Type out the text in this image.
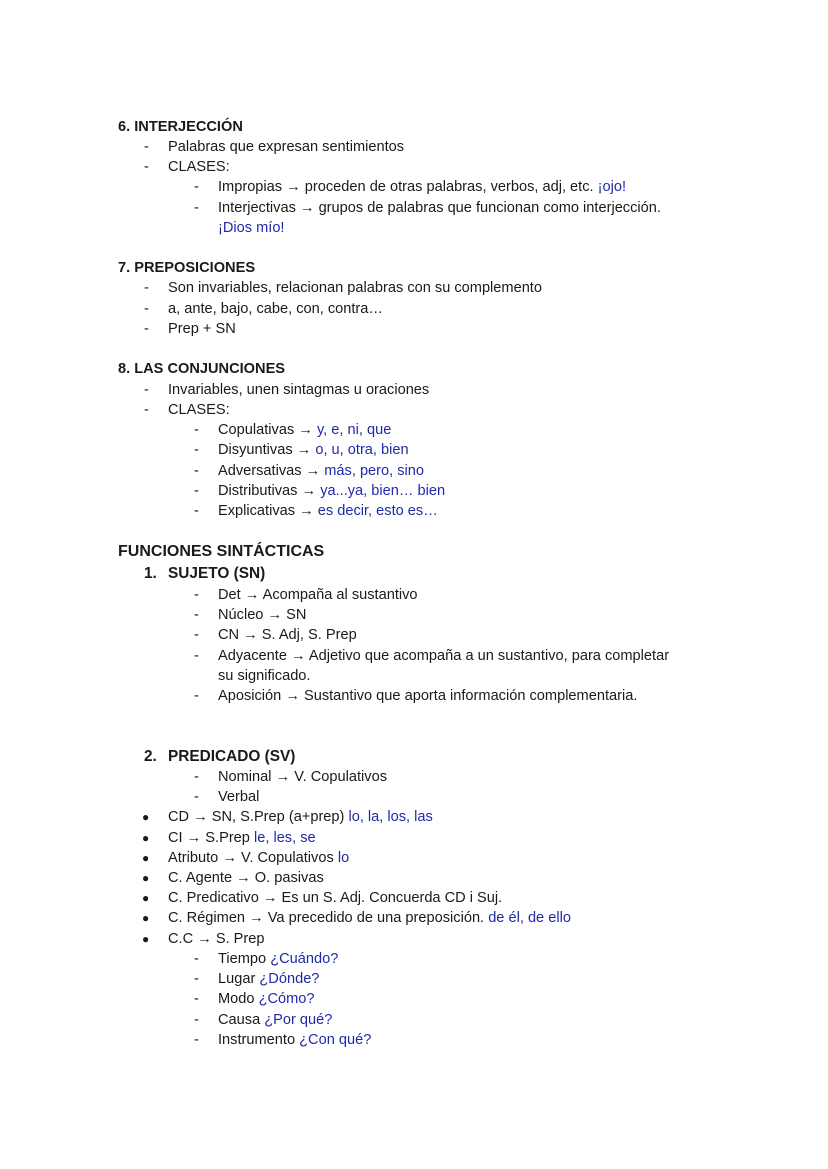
6. INTERJECCIÓN
- Palabras que expresan sentimientos
- CLASES:
- Impropias → proceden de otras palabras, verbos, adj, etc. ¡ojo!
- Interjectivas → grupos de palabras que funcionan como interjección.
¡Dios mío!
7. PREPOSICIONES
- Son invariables, relacionan palabras con su complemento
- a, ante, bajo, cabe, con, contra…
- Prep + SN
8. LAS CONJUNCIONES
- Invariables, unen sintagmas u oraciones
- CLASES:
- Copulativas → y, e, ni, que
- Disyuntivas → o, u, otra, bien
- Adversativas → más, pero, sino
- Distributivas → ya...ya, bien… bien
- Explicativas → es decir, esto es…
FUNCIONES SINTÁCTICAS
1. SUJETO (SN)
- Det → Acompaña al sustantivo
- Núcleo → SN
- CN → S. Adj, S. Prep
- Adyacente → Adjetivo que acompaña a un sustantivo, para completar
su significado.
- Aposición → Sustantivo que aporta información complementaria.
2. PREDICADO (SV)
- Nominal → V. Copulativos
- Verbal
● CD → SN, S.Prep (a+prep) lo, la, los, las
● CI → S.Prep le, les, se
● Atributo → V. Copulativos lo
● C. Agente → O. pasivas
● C. Predicativo → Es un S. Adj. Concuerda CD i Suj.
● C. Régimen → Va precedido de una preposición. de él, de ello
● C.C → S. Prep
- Tiempo ¿Cuándo?
- Lugar ¿Dónde?
- Modo ¿Cómo?
- Causa ¿Por qué?
- Instrumento ¿Con qué?
